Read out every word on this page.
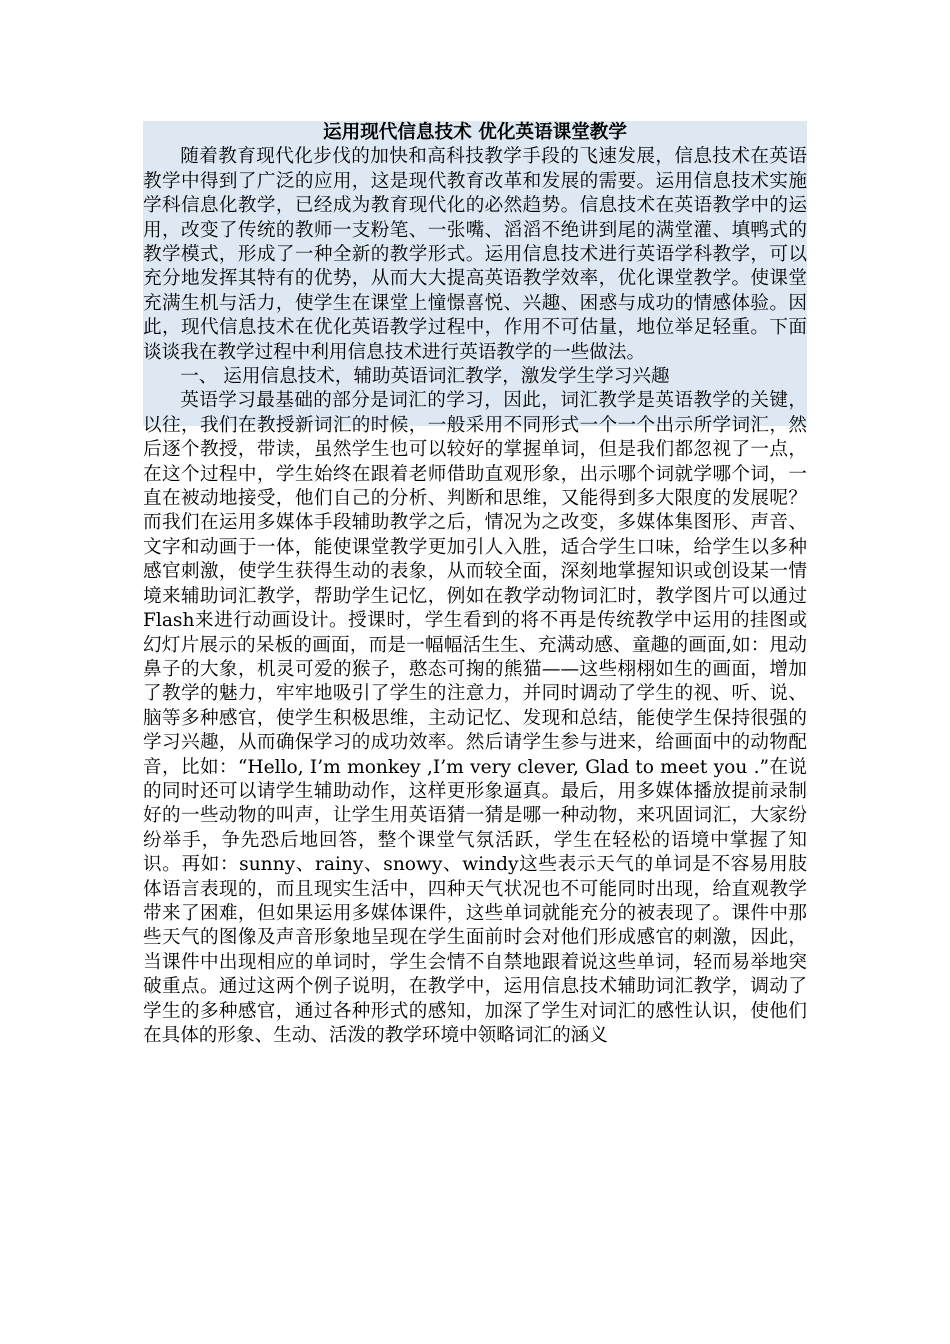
运用现代信息技术 优化英语课堂教学

随着教育现代化步伐的加快和高科技教学手段的飞速发展，信息技术在英语教学中得到了广泛的应用，这是现代教育改革和发展的需要。运用信息技术实施学科信息化教学，已经成为教育现代化的必然趋势。信息技术在英语教学中的运用，改变了传统的教师一支粉笔、一张嘴、滔滔不绝讲到尾的满堂灌、填鸭式的教学模式，形成了一种全新的教学形式。运用信息技术进行英语学科教学，可以充分地发挥其特有的优势，从而大大提高英语教学效率，优化课堂教学。使课堂充满生机与活力，使学生在课堂上憧憬喜悦、兴趣、困惑与成功的情感体验。因此，现代信息技术在优化英语教学过程中，作用不可估量，地位举足轻重。下面谈谈我在教学过程中利用信息技术进行英语教学的一些做法。

一、 运用信息技术，辅助英语词汇教学，激发学生学习兴趣

英语学习最基础的部分是词汇的学习，因此，词汇教学是英语教学的关键，以往，我们在教授新词汇的时候，一般采用不同形式一个一个出示所学词汇，然后逐个教授，带读，虽然学生也可以较好的掌握单词，但是我们都忽视了一点，在这个过程中，学生始终在跟着老师借助直观形象，出示哪个词就学哪个词，一直在被动地接受，他们自己的分析、判断和思维，又能得到多大限度的发展呢？而我们在运用多媒体手段辅助教学之后，情况为之改变，多媒体集图形、声音、文字和动画于一体，能使课堂教学更加引人入胜，适合学生口味，给学生以多种感官刺激，使学生获得生动的表象，从而较全面，深刻地掌握知识或创设某一情境来辅助词汇教学，帮助学生记忆，例如在教学动物词汇时，教学图片可以通过Flash来进行动画设计。授课时，学生看到的将不再是传统教学中运用的挂图或幻灯片展示的呆板的画面，而是一幅幅活生生、充满动感、童趣的画面,如：甩动鼻子的大象，机灵可爱的猴子，憨态可掬的熊猫——这些栩栩如生的画面，增加了教学的魅力，牢牢地吸引了学生的注意力，并同时调动了学生的视、听、说、脑等多种感官，使学生积极思维，主动记忆、发现和总结，能使学生保持很强的学习兴趣，从而确保学习的成功效率。然后请学生参与进来，给画面中的动物配音，比如：“Hello, I’m monkey ,I’m very clever, Glad to meet you .”在说的同时还可以请学生辅助动作，这样更形象逼真。最后，用多媒体播放提前录制好的一些动物的叫声，让学生用英语猜一猜是哪一种动物，来巩固词汇，大家纷纷举手，争先恐后地回答，整个课堂气氛活跃，学生在轻松的语境中掌握了知识。再如：sunny、rainy、snowy、windy这些表示天气的单词是不容易用肢体语言表现的，而且现实生活中，四种天气状况也不可能同时出现，给直观教学带来了困难，但如果运用多媒体课件，这些单词就能充分的被表现了。课件中那些天气的图像及声音形象地呈现在学生面前时会对他们形成感官的刺激，因此，当课件中出现相应的单词时，学生会情不自禁地跟着说这些单词，轻而易举地突破重点。通过这两个例子说明，在教学中，运用信息技术辅助词汇教学，调动了学生的多种感官，通过各种形式的感知，加深了学生对词汇的感性认识，使他们在具体的形象、生动、活泼的教学环境中领略词汇的涵义
